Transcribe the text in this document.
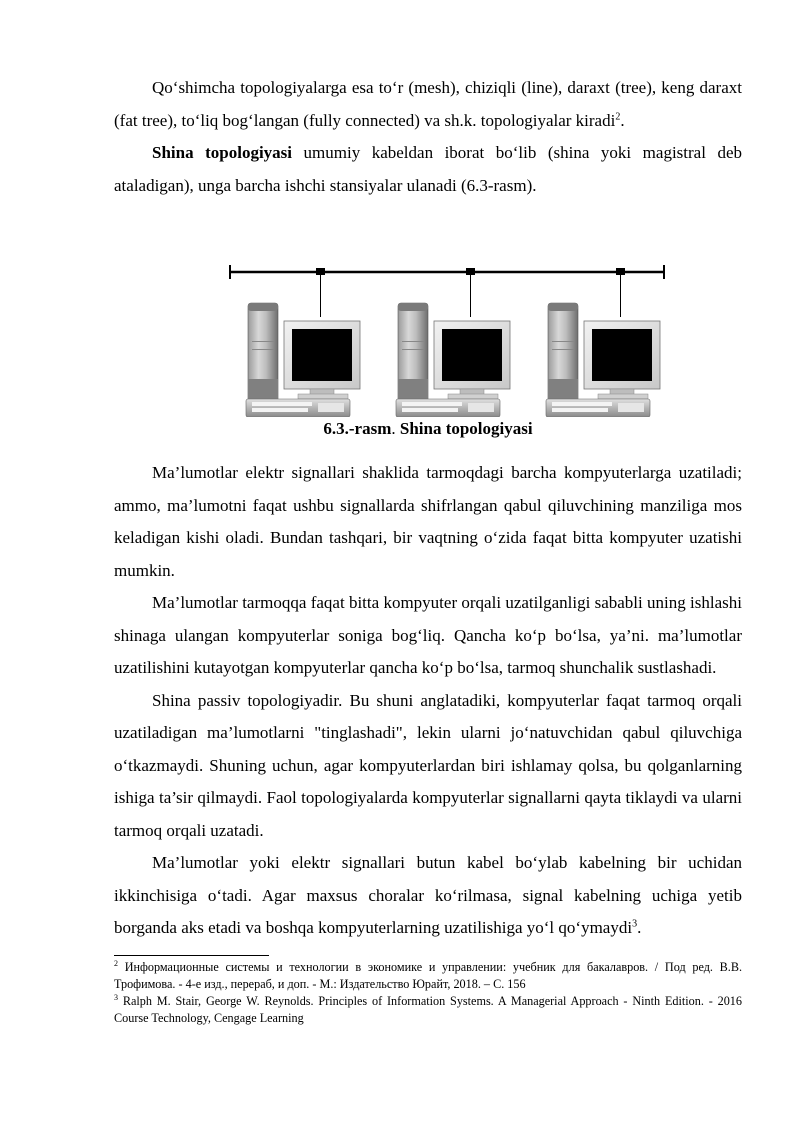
Qo‘shimcha topologiyalarga esa to‘r (mesh), chiziqli (line), daraxt (tree), keng daraxt (fat tree), to‘liq bog‘langan (fully connected) va sh.k. topologiyalar kiradi$^2$.

Shina topologiyasi umumiy kabeldan iborat bo‘lib (shina yoki magistral deb ataladigan), unga barcha ishchi stansiyalar ulanadi (6.3-rasm).

6.3.-rasm. Shina topologiyasi

Ma’lumotlar elektr signallari shaklida tarmoqdagi barcha kompyuterlarga uzatiladi; ammo, ma’lumotni faqat ushbu signallarda shifrlangan qabul qiluvchining manziliga mos keladigan kishi oladi. Bundan tashqari, bir vaqtning o‘zida faqat bitta kompyuter uzatishi mumkin.

Ma’lumotlar tarmoqqa faqat bitta kompyuter orqali uzatilganligi sababli uning ishlashi shinaga ulangan kompyuterlar soniga bog‘liq. Qancha ko‘p bo‘lsa, ya’ni. ma’lumotlar uzatilishini kutayotgan kompyuterlar qancha ko‘p bo‘lsa, tarmoq shunchalik sustlashadi.

Shina passiv topologiyadir. Bu shuni anglatadiki, kompyuterlar faqat tarmoq orqali uzatiladigan ma’lumotlarni "tinglashadi", lekin ularni jo‘natuvchidan qabul qiluvchiga o‘tkazmaydi. Shuning uchun, agar kompyuterlardan biri ishlamay qolsa, bu qolganlarning ishiga ta’sir qilmaydi. Faol topologiyalarda kompyuterlar signallarni qayta tiklaydi va ularni tarmoq orqali uzatadi.

Ma’lumotlar yoki elektr signallari butun kabel bo‘ylab kabelning bir uchidan ikkinchisiga o‘tadi. Agar maxsus choralar ko‘rilmasa, signal kabelning uchiga yetib borganda aks etadi va boshqa kompyuterlarning uzatilishiga yo‘l qo‘ymaydi$^3$.

$^2$ Информационные системы и технологии в экономике и управлении: учебник для бакалавров. / Под ред. В.В. Трофимова. - 4-е изд., перераб, и доп. - М.: Издательство Юрайт, 2018. – С. 156

$^3$ Ralph M. Stair, George W. Reynolds. Principles of Information Systems. A Managerial Approach - Ninth Edition. - 2016 Course Technology, Cengage Learning
